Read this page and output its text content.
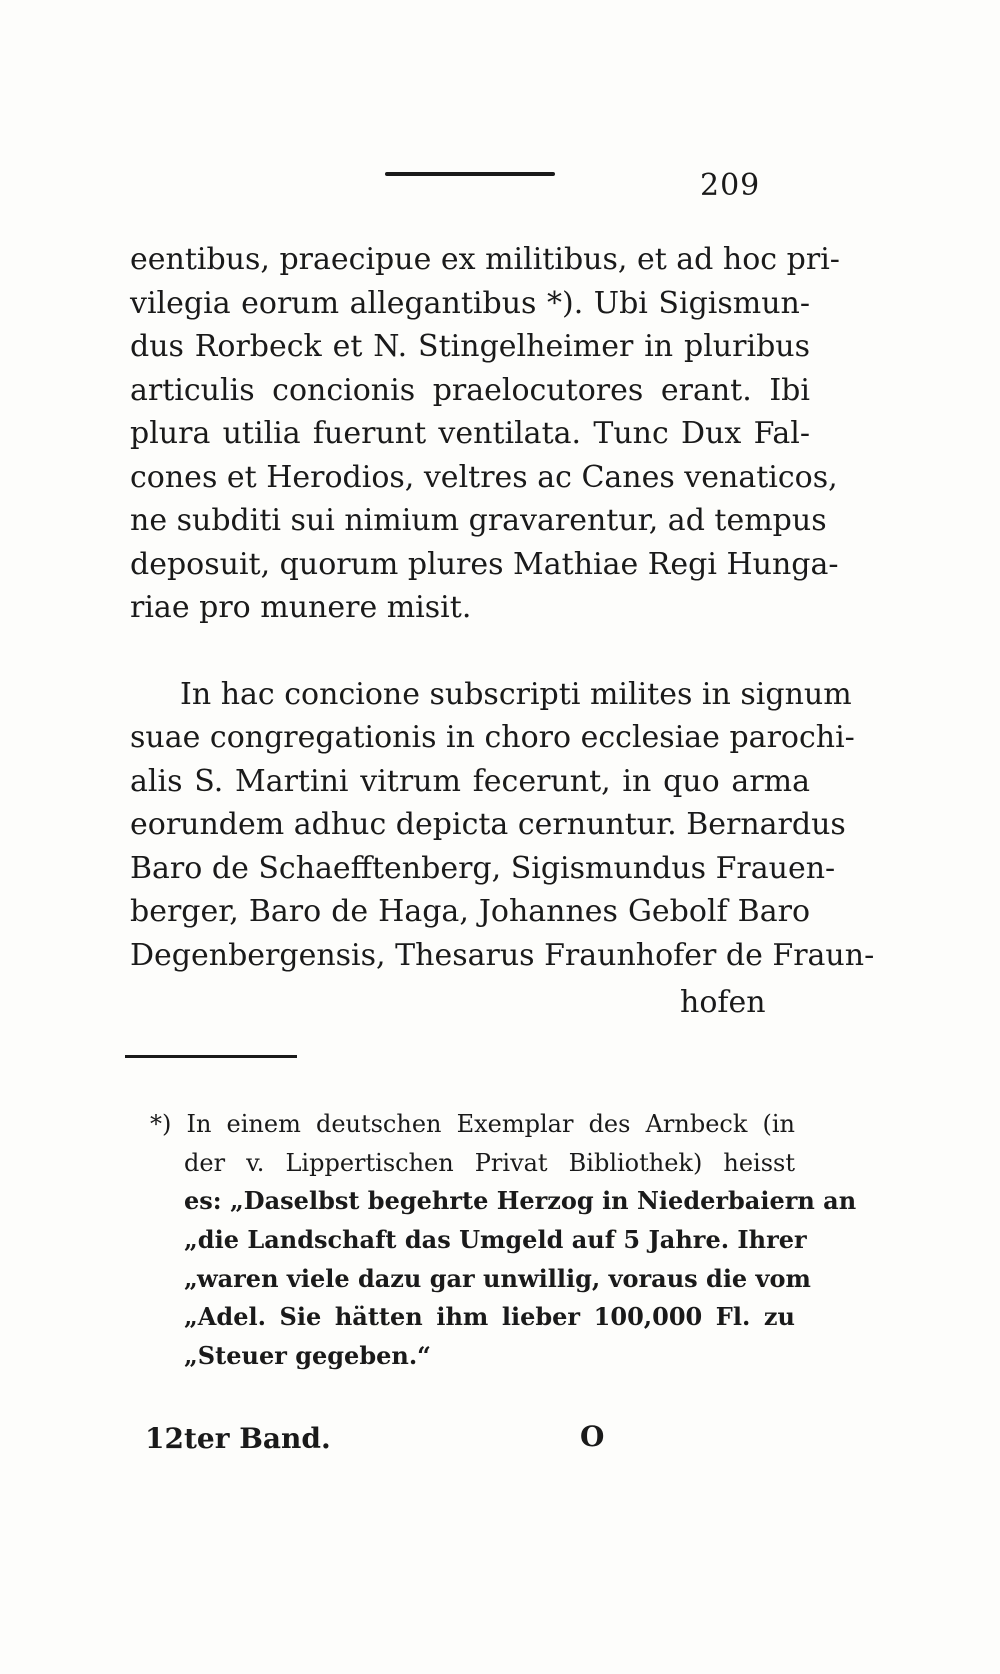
209
eentibus, praecipue ex militibus, et ad hoc pri-
vilegia eorum allegantibus *). Ubi Sigismun-
dus Rorbeck et N. Stingelheimer in pluribus
articulis concionis praelocutores erant. Ibi
plura utilia fuerunt ventilata. Tunc Dux Fal-
cones et Herodios, veltres ac Canes venaticos,
ne subditi sui nimium gravarentur, ad tempus
deposuit, quorum plures Mathiae Regi Hunga-
riae pro munere misit.
In hac concione subscripti milites in signum
suae congregationis in choro ecclesiae parochi-
alis S. Martini vitrum fecerunt, in quo arma
eorundem adhuc depicta cernuntur. Bernardus
Baro de Schaefftenberg, Sigismundus Frauen-
berger, Baro de Haga, Johannes Gebolf Baro
Degenbergensis, Thesarus Fraunhofer de Fraun-
hofen
*) In einem deutschen Exemplar des Arnbeck (in
der v. Lippertischen Privat Bibliothek) heisst
es: „Daselbst begehrte Herzog in Niederbaiern an
„die Landschaft das Umgeld auf 5 Jahre. Ihrer
„waren viele dazu gar unwillig, voraus die vom
„Adel. Sie hätten ihm lieber 100,000 Fl. zu
„Steuer gegeben.“
12ter Band.	O
